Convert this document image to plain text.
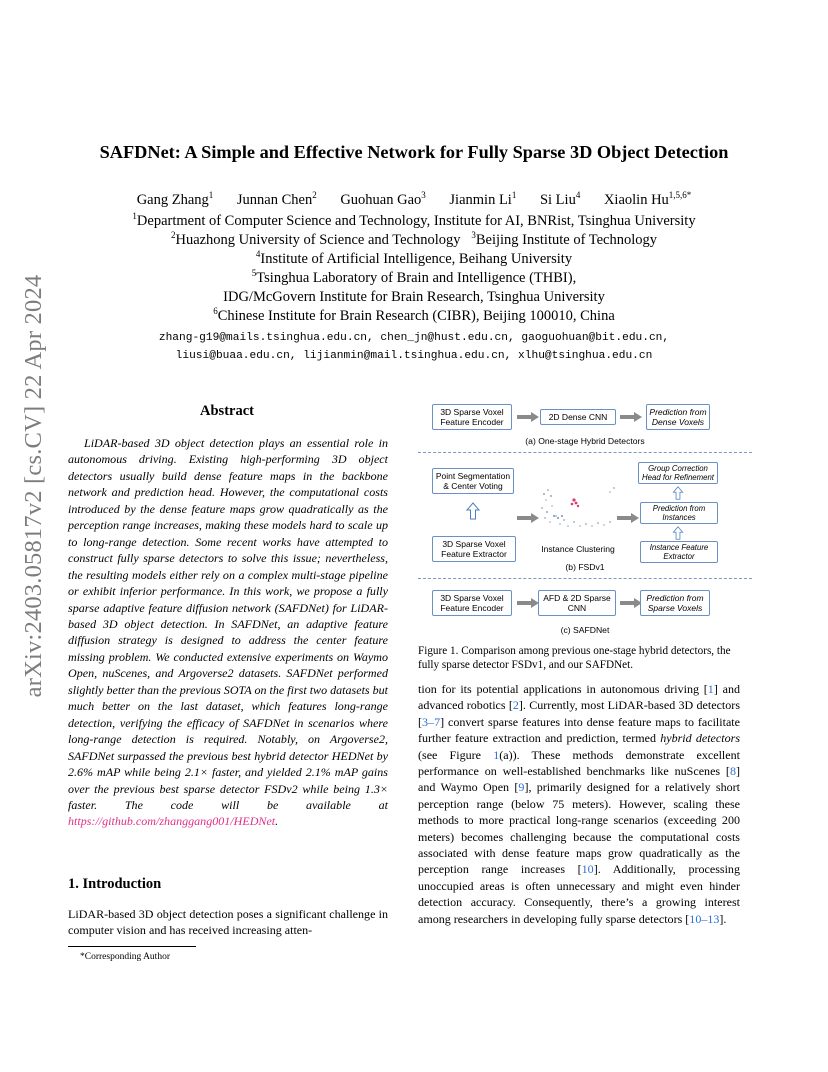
arXiv:2403.05817v2 [cs.CV] 22 Apr 2024
SAFDNet: A Simple and Effective Network for Fully Sparse 3D Object Detection
Gang Zhang$^1$ Junnan Chen$^2$ Guohuan Gao$^3$ Jianmin Li$^1$ Si Liu$^4$ Xiaolin $Hu^{1,5,6*}$
$^1$Department of Computer Science and Technology, Institute for AI, BNRist, Tsinghua University
$^2$Huazhong University of Science and Technology $^3$Beijing Institute of Technology
$^4$Institute of Artificial Intelligence, Beihang University
$^5$Tsinghua Laboratory of Brain and Intelligence (THBI),
IDG/McGovern Institute for Brain Research, Tsinghua University
$^6$Chinese Institute for Brain Research (CIBR), Beijing 100010, China
zhang-g19@mails.tsinghua.edu.cn, chen_jn@hust.edu.cn, gaoguohuan@bit.edu.cn,
liusi@buaa.edu.cn, lijianmin@mail.tsinghua.edu.cn, xlhu@tsinghua.edu.cn
Abstract

LiDAR-based 3D object detection plays an essential role in autonomous driving. Existing high-performing 3D object detectors usually build dense feature maps in the backbone network and prediction head. However, the computational costs introduced by the dense feature maps grow quadratically as the perception range increases, making these models hard to scale up to long-range detection. Some recent works have attempted to construct fully sparse detectors to solve this issue; nevertheless, the resulting models either rely on a complex multi-stage pipeline or exhibit inferior performance. In this work, we propose a fully sparse adaptive feature diffusion network (SAFDNet) for LiDAR-based 3D object detection. In SAFDNet, an adaptive feature diffusion strategy is designed to address the center feature missing problem. We conducted extensive experiments on Waymo Open, nuScenes, and Argoverse2 datasets. SAFDNet performed slightly better than the previous SOTA on the first two datasets but much better on the last dataset, which features long-range detection, verifying the efficacy of SAFDNet in scenarios where long-range detection is required. Notably, on Argoverse2, SAFDNet surpassed the previous best hybrid detector HEDNet by 2.6% mAP while being 2.1× faster, and yielded 2.1% mAP gains over the previous best sparse detector FSDv2 while being 1.3× faster. The code will be available at https://github.com/zhanggang001/HEDNet.

1. Introduction

LiDAR-based 3D object detection poses a significant challenge in computer vision and has received increasing atten-

*Corresponding Author
3D Sparse Voxel Feature Encoder	2D Dense CNN	Prediction from Dense Voxels
(a) One-stage Hybrid Detectors
Point Segmentation & Center Voting
3D Sparse Voxel Feature Extractor	Instance Clustering
Group Correction Head for Refinement
Prediction from Instances
Instance Feature Extractor
(b) FSDv1
3D Sparse Voxel Feature Encoder
AFD & 2D Sparse CNN
Prediction from Sparse Voxels
(c) SAFDNet

Figure 1. Comparison among previous one-stage hybrid detectors, the fully sparse detector FSDv1, and our SAFDNet.

tion for its potential applications in autonomous driving [1] and advanced robotics [2]. Currently, most LiDAR-based 3D detectors [3–7] convert sparse features into dense feature maps to facilitate further feature extraction and prediction, termed hybrid detectors (see Figure 1(a)). These methods demonstrate excellent performance on well-established benchmarks like nuScenes [8] and Waymo Open [9], primarily designed for a relatively short perception range (below 75 meters). However, scaling these methods to more practical long-range scenarios (exceeding 200 meters) becomes challenging because the computational costs associated with dense feature maps grow quadratically as the perception range increases [10]. Additionally, processing unoccupied areas is often unnecessary and might even hinder detection accuracy. Consequently, there’s a growing interest among researchers in developing fully sparse detectors [10–13].
